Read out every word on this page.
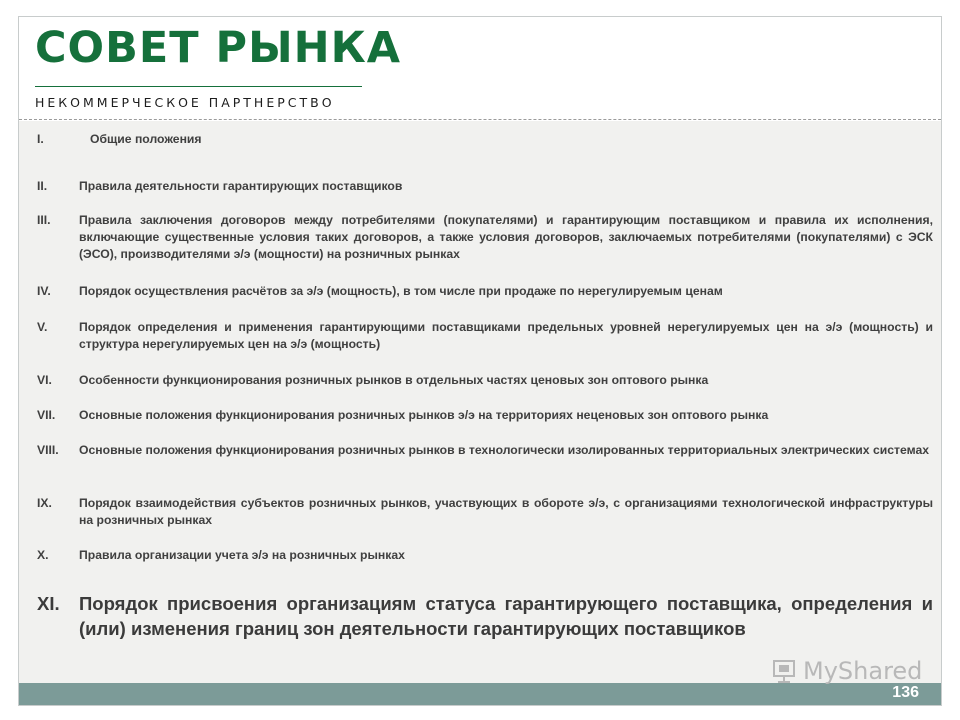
СОВЕТ РЫНКА
НЕКОММЕРЧЕСКОЕ ПАРТНЕРСТВО
I.	Общие положения
II.	Правила деятельности гарантирующих поставщиков
III.	Правила заключения договоров между потребителями (покупателями) и гарантирующим поставщиком и правила их исполнения, включающие существенные условия таких договоров, а также условия договоров, заключаемых потребителями (покупателями) с ЭСК (ЭСО), производителями э/э (мощности) на розничных рынках
IV.	Порядок осуществления расчётов за э/э (мощность), в том числе при продаже по нерегулируемым ценам
V.	Порядок определения и применения гарантирующими поставщиками предельных уровней нерегулируемых цен на э/э (мощность) и структура нерегулируемых цен на э/э (мощность)
VI.	Особенности функционирования розничных рынков в отдельных частях ценовых зон оптового рынка
VII.	Основные положения функционирования розничных рынков э/э на территориях неценовых зон оптового рынка
VIII.	Основные положения функционирования розничных рынков в технологически изолированных территориальных электрических системах
IX.	Порядок взаимодействия субъектов розничных рынков, участвующих в обороте э/э, с организациями технологической инфраструктуры на розничных рынках
X.	Правила организации учета э/э на розничных рынках
XI.	Порядок присвоения организациям статуса гарантирующего поставщика, определения и (или) изменения границ зон деятельности гарантирующих поставщиков
136
MyShared
